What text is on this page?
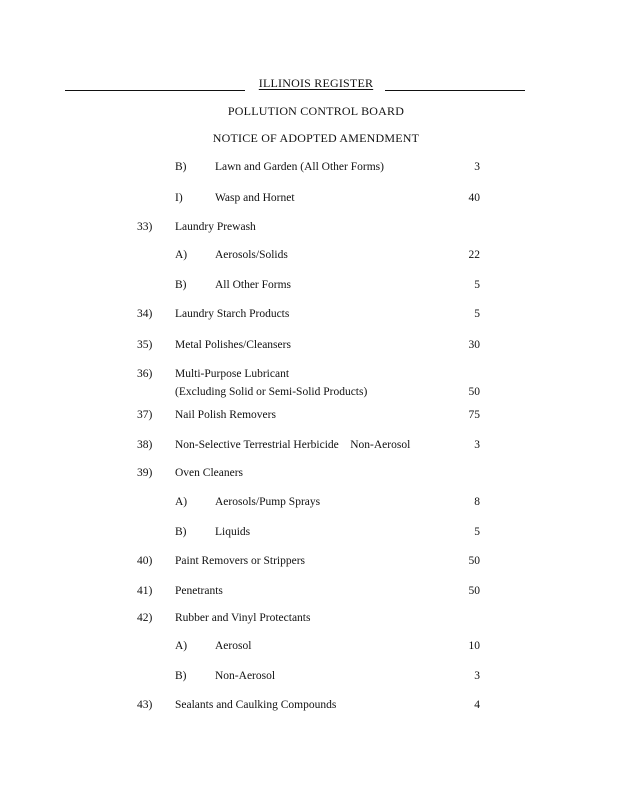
ILLINOIS REGISTER
POLLUTION CONTROL BOARD
NOTICE OF ADOPTED AMENDMENT
B) Lawn and Garden (All Other Forms)	3
I)	Wasp and Hornet	40
33) Laundry Prewash
A) Aerosols/Solids	22
B) All Other Forms	5
34) Laundry Starch Products	5
35) Metal Polishes/Cleansers	30
36) Multi-Purpose Lubricant
(Excluding Solid or Semi-Solid Products)	50
37) Nail Polish Removers	75
38) Non-Selective Terrestrial Herbicide    Non-Aerosol	3
39) Oven Cleaners
A) Aerosols/Pump Sprays	8
B) Liquids	5
40) Paint Removers or Strippers	50
41) Penetrants	50
42) Rubber and Vinyl Protectants
A) Aerosol	10
B) Non-Aerosol	3
43) Sealants and Caulking Compounds	4
